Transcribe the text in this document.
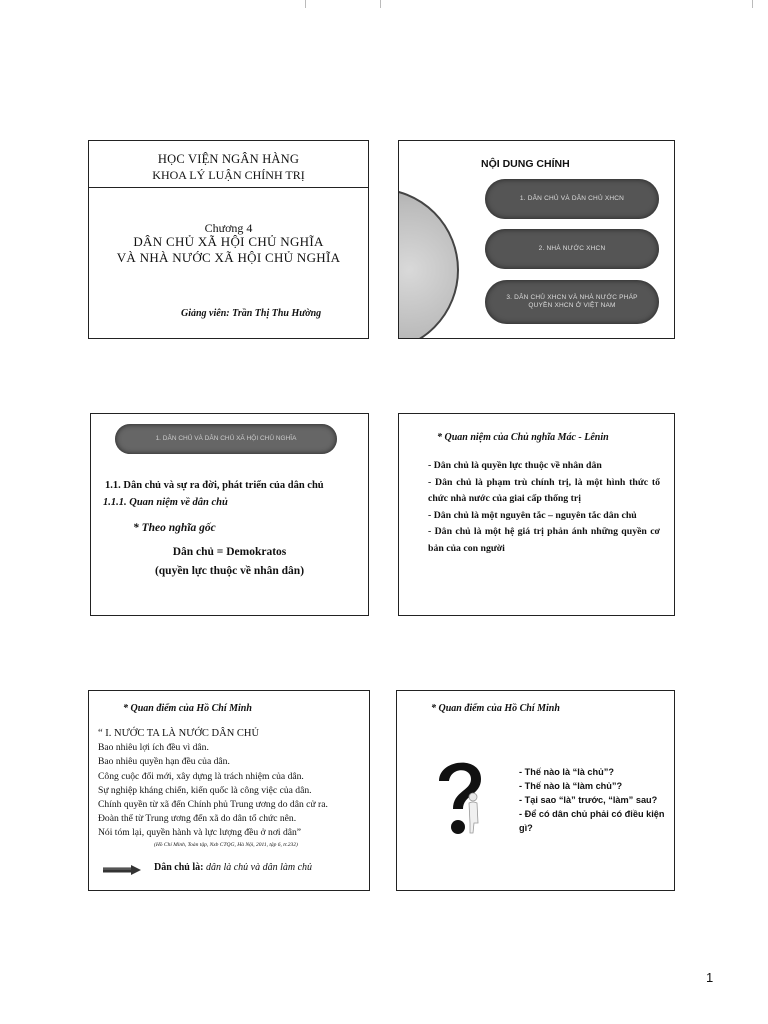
HỌC VIỆN NGÂN HÀNG
KHOA LÝ LUẬN CHÍNH TRỊ
Chương 4
DÂN CHỦ XÃ HỘI CHỦ NGHĨA
VÀ NHÀ NƯỚC XÃ HỘI CHỦ NGHĨA
Giảng viên: Trần Thị Thu Hường
NỘI DUNG CHÍNH
1. DÂN CHỦ VÀ DÂN CHỦ XHCN
2. NHÀ NƯỚC XHCN
3. DÂN CHỦ XHCN VÀ NHÀ NƯỚC PHÁP QUYỀN XHCN Ở VIỆT NAM
1. DÂN CHỦ VÀ DÂN CHỦ XÃ HỘI CHỦ NGHĨA
1.1. Dân chủ và sự ra đời, phát triển của dân chủ
1.1.1. Quan niệm về dân chủ
* Theo nghĩa gốc
Dân chủ = Demokratos
(quyền lực thuộc về nhân dân)
* Quan niệm của Chủ nghĩa Mác - Lênin
- Dân chủ là quyền lực thuộc về nhân dân
- Dân chủ là phạm trù chính trị, là một hình thức tổ chức nhà nước của giai cấp thống trị
- Dân chủ là một nguyên tắc – nguyên tắc dân chủ
- Dân chủ là một hệ giá trị phản ánh những quyền cơ bản của con người
* Quan điểm của Hồ Chí Minh
“ I. NƯỚC TA LÀ NƯỚC DÂN CHỦ
Bao nhiêu lợi ích đều vì dân.
Bao nhiêu quyền hạn đều của dân.
Công cuộc đổi mới, xây dựng là trách nhiệm của dân.
Sự nghiệp kháng chiến, kiến quốc là công việc của dân.
Chính quyền từ xã đến Chính phủ Trung ương do dân cử ra.
Đoàn thể từ Trung ương đến xã do dân tổ chức nên.
Nói tóm lại, quyền hành và lực lượng đều ở nơi dân”
(Hồ Chí Minh, Toàn tập, Nxb CTQG, Hà Nội, 2011, tập 6, tr.232)
Dân chủ là: dân là chủ và dân làm chủ
* Quan điểm của Hồ Chí Minh
- Thế nào là “là chủ”?
- Thế nào là “làm chủ”?
- Tại sao “là” trước, “làm” sau?
- Để có dân chủ phải có điều kiện gì?
1
